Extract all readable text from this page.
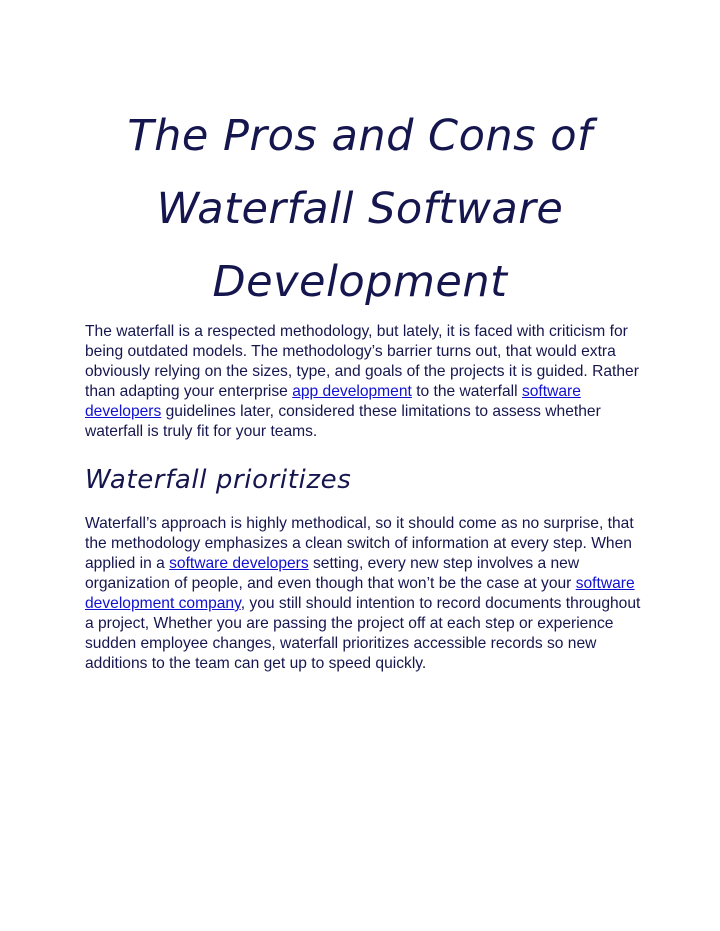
The Pros and Cons of Waterfall Software Development

The waterfall is a respected methodology, but lately, it is faced with criticism for being outdated models. The methodology’s barrier turns out, that would extra obviously relying on the sizes, type, and goals of the projects it is guided. Rather than adapting your enterprise app development to the waterfall software developers guidelines later, considered these limitations to assess whether waterfall is truly fit for your teams.

Waterfall prioritizes

Waterfall’s approach is highly methodical, so it should come as no surprise, that the methodology emphasizes a clean switch of information at every step. When applied in a software developers setting, every new step involves a new organization of people, and even though that won’t be the case at your software development company, you still should intention to record documents throughout a project, Whether you are passing the project off at each step or experience sudden employee changes, waterfall prioritizes accessible records so new additions to the team can get up to speed quickly.
